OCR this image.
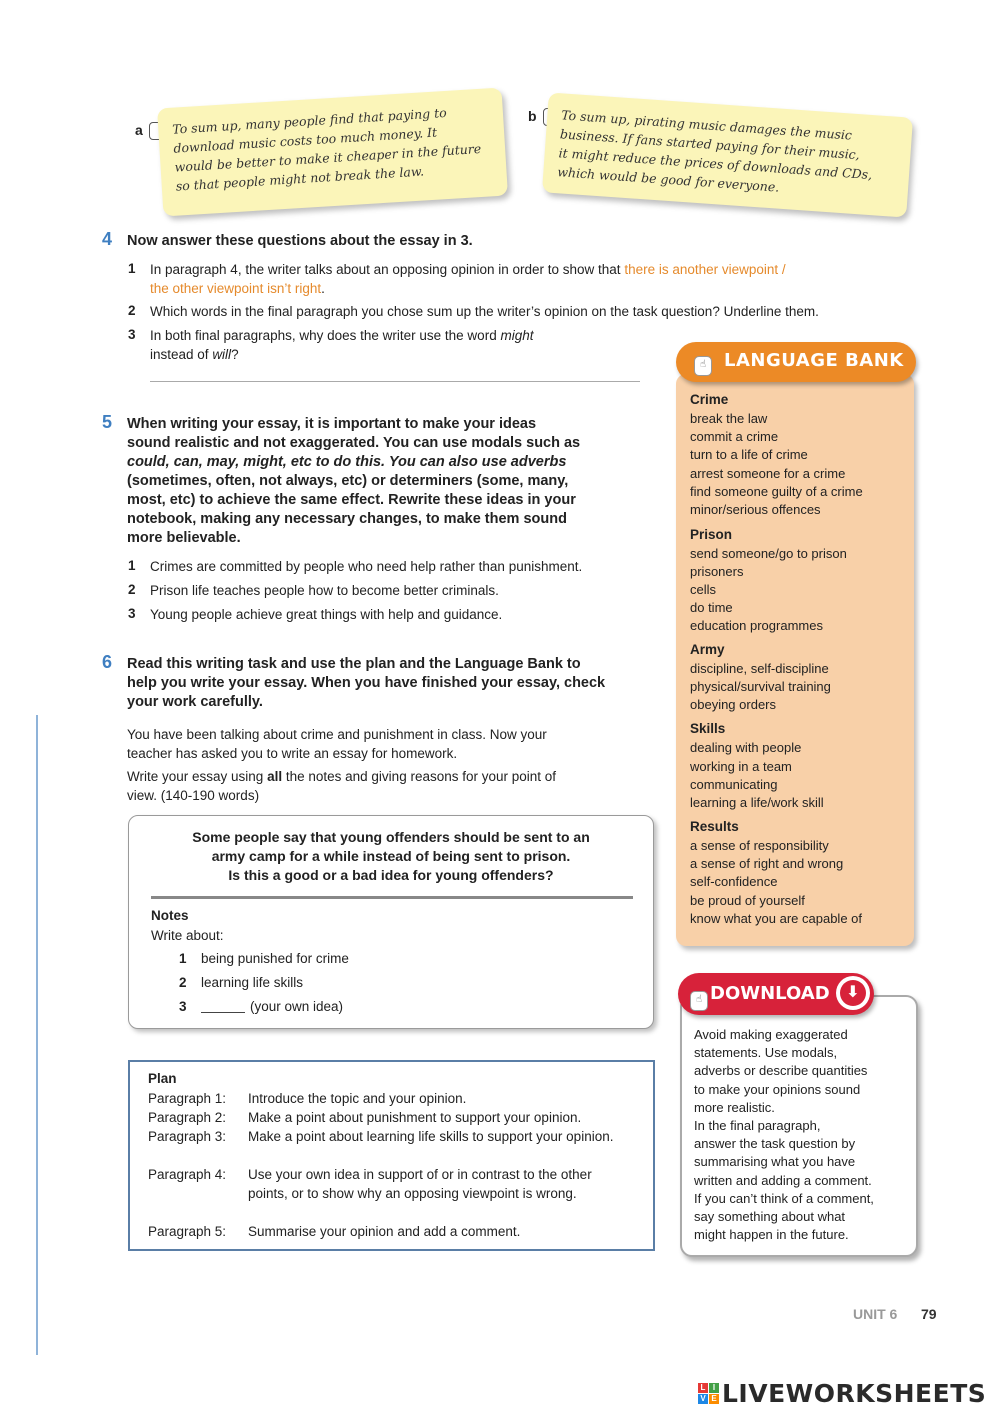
a	To sum up, many people find that paying to
download music costs too much money. It
would be better to make it cheaper in the future
so that people might not break the law.
b	To sum up, pirating music damages the music
business. If fans started paying for their music,
it might reduce the prices of downloads and CDs,
which would be good for everyone.
4 Now answer these questions about the essay in 3.
1 In paragraph 4, the writer talks about an opposing opinion in order to show that there is another viewpoint /
the other viewpoint isn’t right.
2 Which words in the final paragraph you chose sum up the writer’s opinion on the task question? Underline them.
3 In both final paragraphs, why does the writer use the word might
instead of will?
5 When writing your essay, it is important to make your ideas
sound realistic and not exaggerated. You can use modals such as
could, can, may, might, etc to do this. You can also use adverbs
(sometimes, often, not always, etc) or determiners (some, many,
most, etc) to achieve the same effect. Rewrite these ideas in your
notebook, making any necessary changes, to make them sound
more believable.
1 Crimes are committed by people who need help rather than punishment.
2 Prison life teaches people how to become better criminals.
3 Young people achieve great things with help and guidance.
6 Read this writing task and use the plan and the Language Bank to
help you write your essay. When you have finished your essay, check
your work carefully.
You have been talking about crime and punishment in class. Now your
teacher has asked you to write an essay for homework.
Write your essay using all the notes and giving reasons for your point of
view. (140-190 words)
Some people say that young offenders should be sent to an
army camp for a while instead of being sent to prison.
Is this a good or a bad idea for young offenders?
Notes
Write about:
1 being punished for crime
2 learning life skills
3	(your own idea)
Plan
Paragraph 1:	Introduce the topic and your opinion.
Paragraph 2:	Make a point about punishment to support your opinion.
Paragraph 3:	Make a point about learning life skills to support your opinion.
Paragraph 4:	Use your own idea in support of or in contrast to the other points, or to show why an opposing viewpoint is wrong.
Paragraph 5:	Summarise your opinion and add a comment.
☝ LANGUAGE BANK
Crime
break the law
commit a crime
turn to a life of crime
arrest someone for a crime
find someone guilty of a crime
minor/serious offences
Prison
send someone/go to prison
prisoners
cells
do time
education programmes
Army
discipline, self-discipline
physical/survival training
obeying orders
Skills
dealing with people
working in a team
communicating
learning a life/work skill
Results
a sense of responsibility
a sense of right and wrong
self-confidence
be proud of yourself
know what you are capable of
☝ DOWNLOAD	⬇
Avoid making exaggerated
statements. Use modals,
adverbs or describe quantities
to make your opinions sound
more realistic.
In the final paragraph,
answer the task question by
summarising what you have
written and adding a comment.
If you can’t think of a comment,
say something about what
might happen in the future.
UNIT 6 79
L I
V E LIVEWORKSHEETS
